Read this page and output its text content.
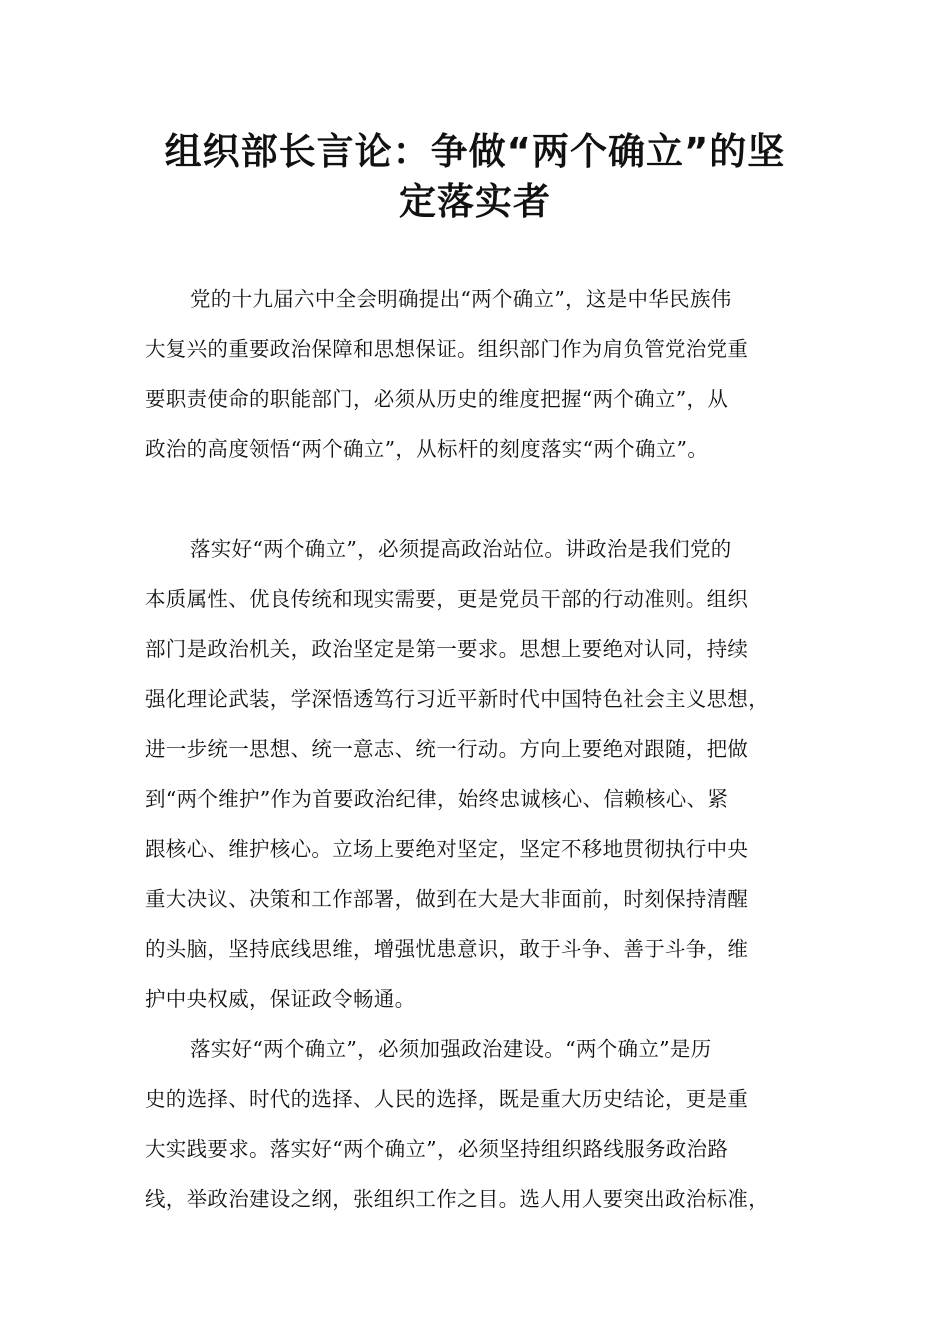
组织部长言论：争做“两个确立”的坚
定落实者

党的十九届六中全会明确提出“两个确立”，这是中华民族伟

大复兴的重要政治保障和思想保证。组织部门作为肩负管党治党重

要职责使命的职能部门，必须从历史的维度把握“两个确立”，从

政治的高度领悟“两个确立”，从标杆的刻度落实“两个确立”。

落实好“两个确立”，必须提高政治站位。讲政治是我们党的

本质属性、优良传统和现实需要，更是党员干部的行动准则。组织

部门是政治机关，政治坚定是第一要求。思想上要绝对认同，持续

强化理论武装，学深悟透笃行习近平新时代中国特色社会主义思想，

进一步统一思想、统一意志、统一行动。方向上要绝对跟随，把做

到“两个维护”作为首要政治纪律，始终忠诚核心、信赖核心、紧

跟核心、维护核心。立场上要绝对坚定，坚定不移地贯彻执行中央

重大决议、决策和工作部署，做到在大是大非面前，时刻保持清醒

的头脑，坚持底线思维，增强忧患意识，敢于斗争、善于斗争，维

护中央权威，保证政令畅通。

落实好“两个确立”，必须加强政治建设。“两个确立”是历

史的选择、时代的选择、人民的选择，既是重大历史结论，更是重

大实践要求。落实好“两个确立”，必须坚持组织路线服务政治路

线，举政治建设之纲，张组织工作之目。选人用人要突出政治标准，
